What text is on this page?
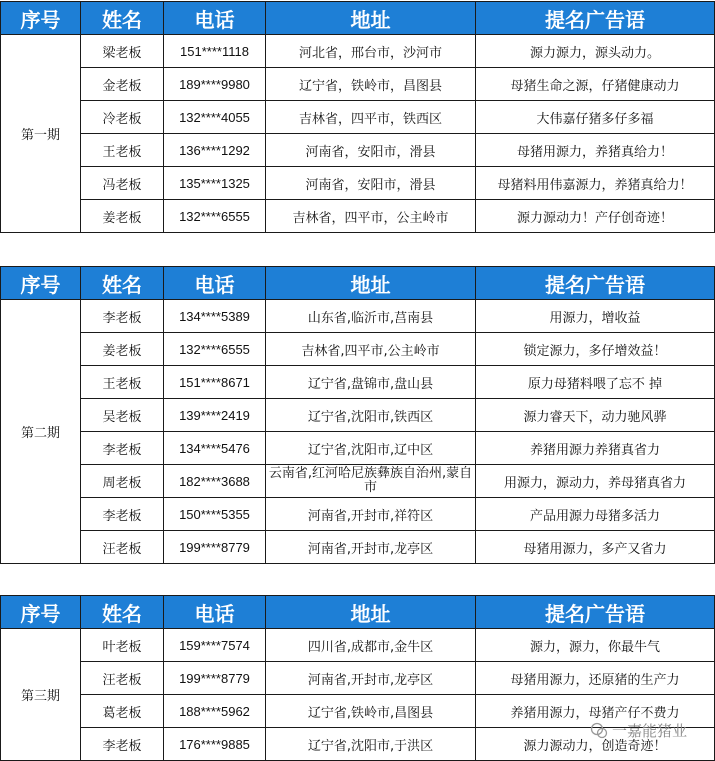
序号	姓名	电话	地址	提名广告语
第一期	梁老板	151****1118	河北省，邢台市，沙河市	源力源力，源头动力。
	金老板	189****9980	辽宁省，铁岭市，昌图县	母猪生命之源，仔猪健康动力
	冷老板	132****4055	吉林省，四平市，铁西区	大伟嘉仔猪多仔多福
	王老板	136****1292	河南省，安阳市，滑县	母猪用源力，养猪真给力！
	冯老板	135****1325	河南省，安阳市，滑县	母猪料用伟嘉源力，养猪真给力！
	姜老板	132****6555	吉林省，四平市，公主岭市	源力源动力！产仔创奇迹！
序号	姓名	电话	地址	提名广告语
第二期	李老板	134****5389	山东省,临沂市,莒南县	用源力，增收益
	姜老板	132****6555	吉林省,四平市,公主岭市	锁定源力，多仔增效益！
	王老板	151****8671	辽宁省,盘锦市,盘山县	原力母猪料喂了忘不 掉
	吴老板	139****2419	辽宁省,沈阳市,铁西区	源力睿天下，动力驰风骅
	李老板	134****5476	辽宁省,沈阳市,辽中区	养猪用源力养猪真省力
	周老板	182****3688	云南省,红河哈尼族彝族自治州,蒙自市	用源力，源动力，养母猪真省力
	李老板	150****5355	河南省,开封市,祥符区	产品用源力母猪多活力
	汪老板	199****8779	河南省,开封市,龙亭区	母猪用源力，多产又省力
序号	姓名	电话	地址	提名广告语
第三期	叶老板	159****7574	四川省,成都市,金牛区	源力，源力，你最牛气
	汪老板	199****8779	河南省,开封市,龙亭区	母猪用源力，还原猪的生产力
	葛老板	188****5962	辽宁省,铁岭市,昌图县	养猪用源力，母猪产仔不费力
	李老板	176****9885	辽宁省,沈阳市,于洪区	源力源动力，创造奇迹！
一嘉能猪业
